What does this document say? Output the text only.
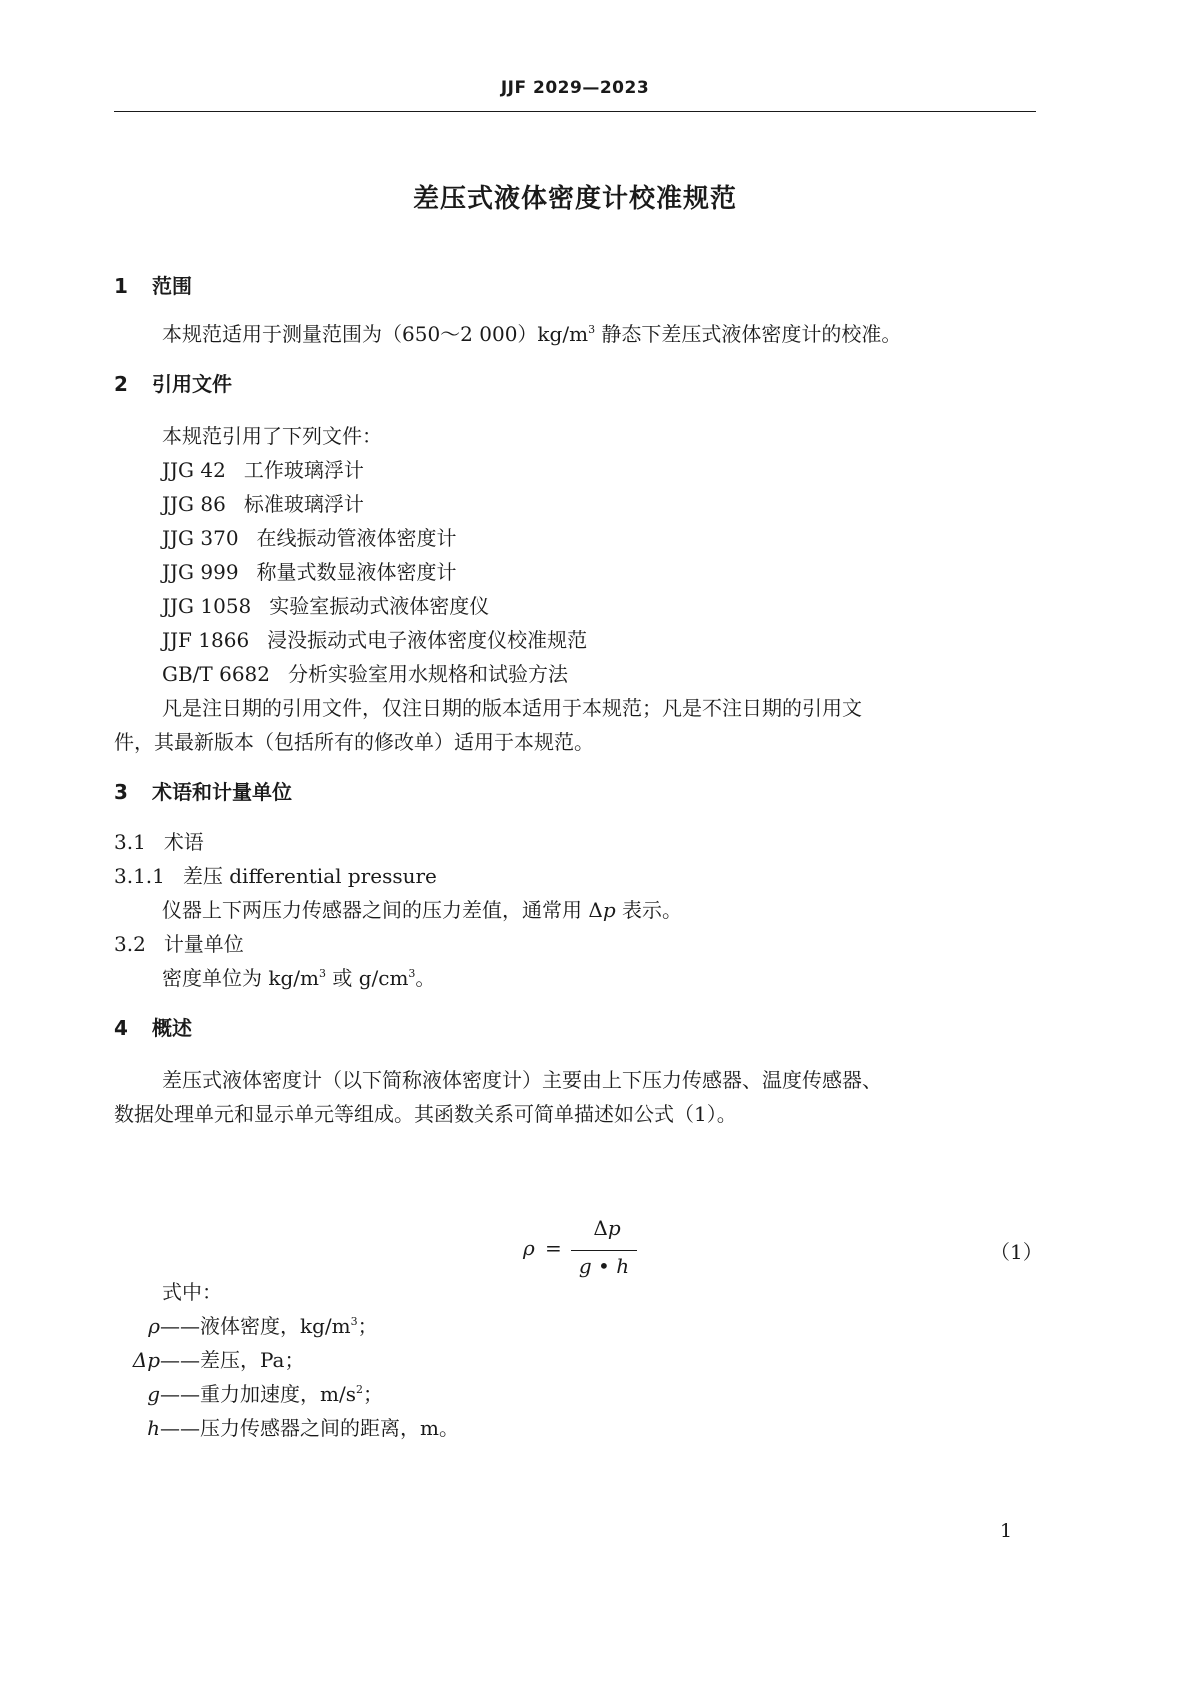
JJF 2029—2023
差压式液体密度计校准规范
1 范围
本规范适用于测量范围为（650～2 $000)kg/m^3$ 静态下差压式液体密度计的校准。
2 引用文件
本规范引用了下列文件：
JJG 42 工作玻璃浮计
JJG 86 标准玻璃浮计
JJG 370 在线振动管液体密度计
JJG 999 称量式数显液体密度计
JJG 1058 实验室振动式液体密度仪
JJF 1866 浸没振动式电子液体密度仪校准规范
GB/T 6682 分析实验室用水规格和试验方法
凡是注日期的引用文件，仅注日期的版本适用于本规范；凡是不注日期的引用文
件，其最新版本（包括所有的修改单）适用于本规范。
3 术语和计量单位
3.1 术语
3.1.1 差压 differential pressure
仪器上下两压力传感器之间的压力差值，通常用 Δp 表示。
3.2 计量单位
密度单位为 $kg/m^3$ 或 $g/cm^3$。
4 概述
差压式液体密度计（以下简称液体密度计）主要由上下压力传感器、温度传感器、
数据处理单元和显示单元等组成。其函数关系可简单描述如公式（1）。
ρ =
Δp
g • h
（1）
式中：
ρ——液体密度，$kg/m^3$；
Δp——差压，Pa；
g——重力加速度，$m/s^2$；
h——压力传感器之间的距离，m。
1
